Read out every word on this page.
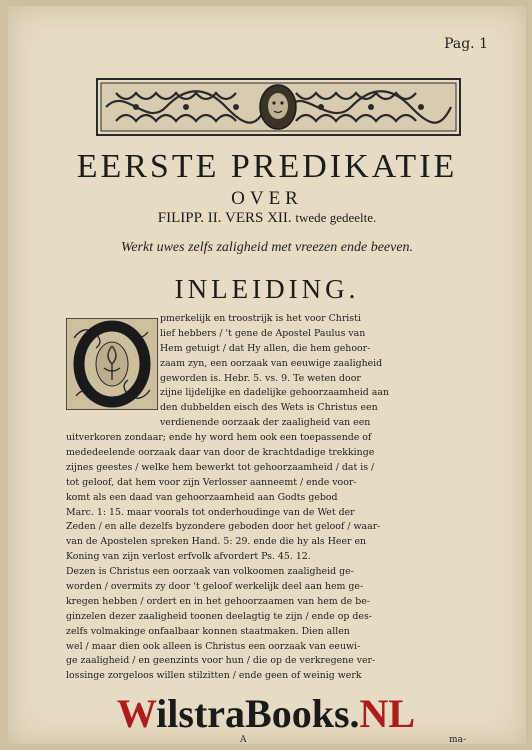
Pag. 1
EERSTE PREDIKATIE
OVER
FILIPP. II. VERS XII. twede gedeelte.
Werkt uwes zelfs zaligheid met vreezen ende beeven.
INLEIDING.
pmerkelijk en troostrijk is het voor Christi
lief hebbers / 't gene de Apostel Paulus van
Hem getuigt / dat Hy allen, die hem gehoor-
zaam zyn, een oorzaak van eeuwige zaaligheid
geworden is. Hebr. 5. vs. 9. Te weten door
zijne lijdelijke en dadelijke gehoorzaamheid aan
den dubbelden eisch des Wets is Christus een
verdienende oorzaak der zaaligheid van een
uitverkoren zondaar; ende hy word hem ook een toepassende of
mededeelende oorzaak daar van door de krachtdadige trekkinge
zijnes geestes / welke hem bewerkt tot gehoorzaamheid / dat is /
tot geloof, dat hem voor zijn Verlosser aanneemt / ende voor-
komt als een daad van gehoorzaamheid aan Godts gebod
Marc. 1: 15. maar voorals tot onderhoudinge van de Wet der
Zeden / en alle dezelfs byzondere geboden door het geloof / waar-
van de Apostelen spreken Hand. 5: 29. ende die hy als Heer en
Koning van zijn verlost erfvolk afvordert Ps. 45. 12.
Dezen is Christus een oorzaak van volkoomen zaaligheid ge-
worden / overmits zy door 't geloof werkelijk deel aan hem ge-
kregen hebben / ordert en in het gehoorzaamen van hem de be-
ginzelen dezer zaaligheid toonen deelagtig te zijn / ende op des-
zelfs volmakinge onfaalbaar konnen staatmaken. Dien allen
wel / maar dien ook alleen is Christus een oorzaak van eeuwi-
ge zaaligheid / en geenzints voor hun / die op de verkregene ver-
lossinge zorgeloos willen stilzitten / ende geen of weinig werk
A	ma-
WilstraBooks.NL
